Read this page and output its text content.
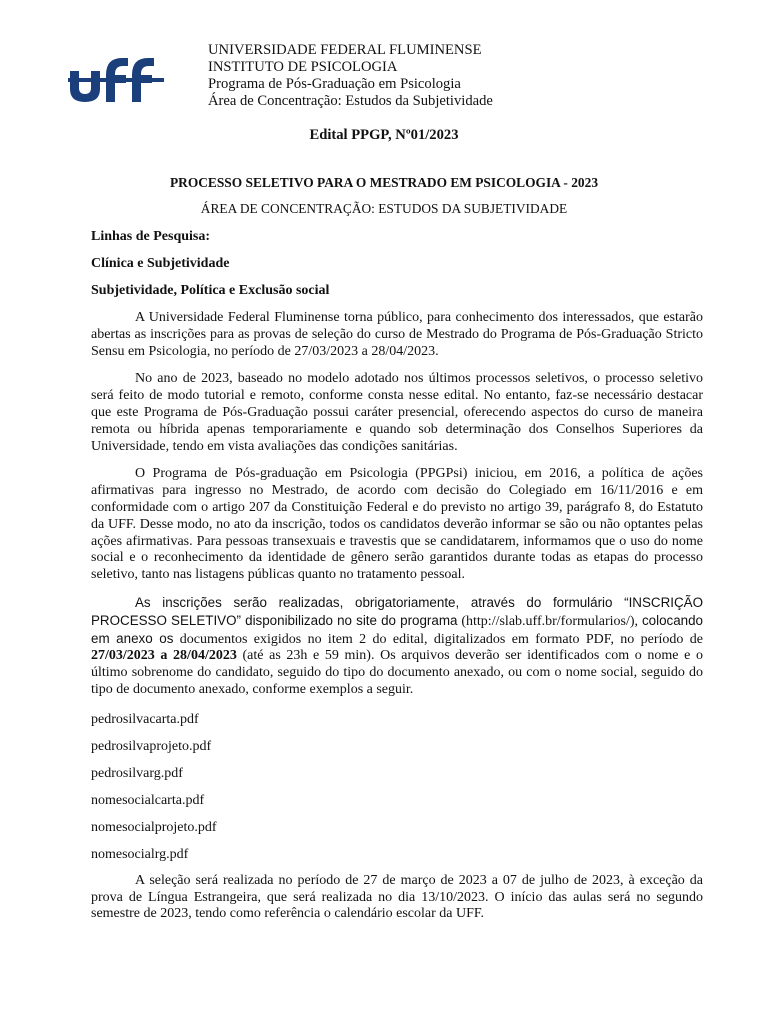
UNIVERSIDADE FEDERAL FLUMINENSE
INSTITUTO DE PSICOLOGIA
Programa de Pós-Graduação em Psicologia
Área de Concentração: Estudos da Subjetividade
Edital PPGP, Nº01/2023
PROCESSO SELETIVO PARA O MESTRADO EM PSICOLOGIA - 2023
ÁREA DE CONCENTRAÇÃO: ESTUDOS DA SUBJETIVIDADE
Linhas de Pesquisa:
Clínica e Subjetividade
Subjetividade, Política e Exclusão social

A Universidade Federal Fluminense torna público, para conhecimento dos interessados, que estarão abertas as inscrições para as provas de seleção do curso de Mestrado do Programa de Pós-Graduação Stricto Sensu em Psicologia, no período de 27/03/2023 a 28/04/2023.

No ano de 2023, baseado no modelo adotado nos últimos processos seletivos, o processo seletivo será feito de modo tutorial e remoto, conforme consta nesse edital. No entanto, faz-se necessário destacar que este Programa de Pós-Graduação possui caráter presencial, oferecendo aspectos do curso de maneira remota ou híbrida apenas temporariamente e quando sob determinação dos Conselhos Superiores da Universidade, tendo em vista avaliações das condições sanitárias.

O Programa de Pós-graduação em Psicologia (PPGPsi) iniciou, em 2016, a política de ações afirmativas para ingresso no Mestrado, de acordo com decisão do Colegiado em 16/11/2016 e em conformidade com o artigo 207 da Constituição Federal e do previsto no artigo 39, parágrafo 8, do Estatuto da UFF. Desse modo, no ato da inscrição, todos os candidatos deverão informar se são ou não optantes pelas ações afirmativas. Para pessoas transexuais e travestis que se candidatarem, informamos que o uso do nome social e o reconhecimento da identidade de gênero serão garantidos durante todas as etapas do processo seletivo, tanto nas listagens públicas quanto no tratamento pessoal.

As inscrições serão realizadas, obrigatoriamente, através do formulário “INSCRIÇÃO PROCESSO SELETIVO” disponibilizado no site do programa (http://slab.uff.br/formularios/), colocando em anexo os documentos exigidos no item 2 do edital, digitalizados em formato PDF, no período de 27/03/2023 a 28/04/2023 (até as 23h e 59 min). Os arquivos deverão ser identificados com o nome e o último sobrenome do candidato, seguido do tipo do documento anexado, ou com o nome social, seguido do tipo de documento anexado, conforme exemplos a seguir.

pedrosilvacarta.pdf
pedrosilvaprojeto.pdf
pedrosilvarg.pdf
nomesocialcarta.pdf
nomesocialprojeto.pdf
nomesocialrg.pdf

A seleção será realizada no período de 27 de março de 2023 a 07 de julho de 2023, à exceção da prova de Língua Estrangeira, que será realizada no dia 13/10/2023. O início das aulas será no segundo semestre de 2023, tendo como referência o calendário escolar da UFF.
